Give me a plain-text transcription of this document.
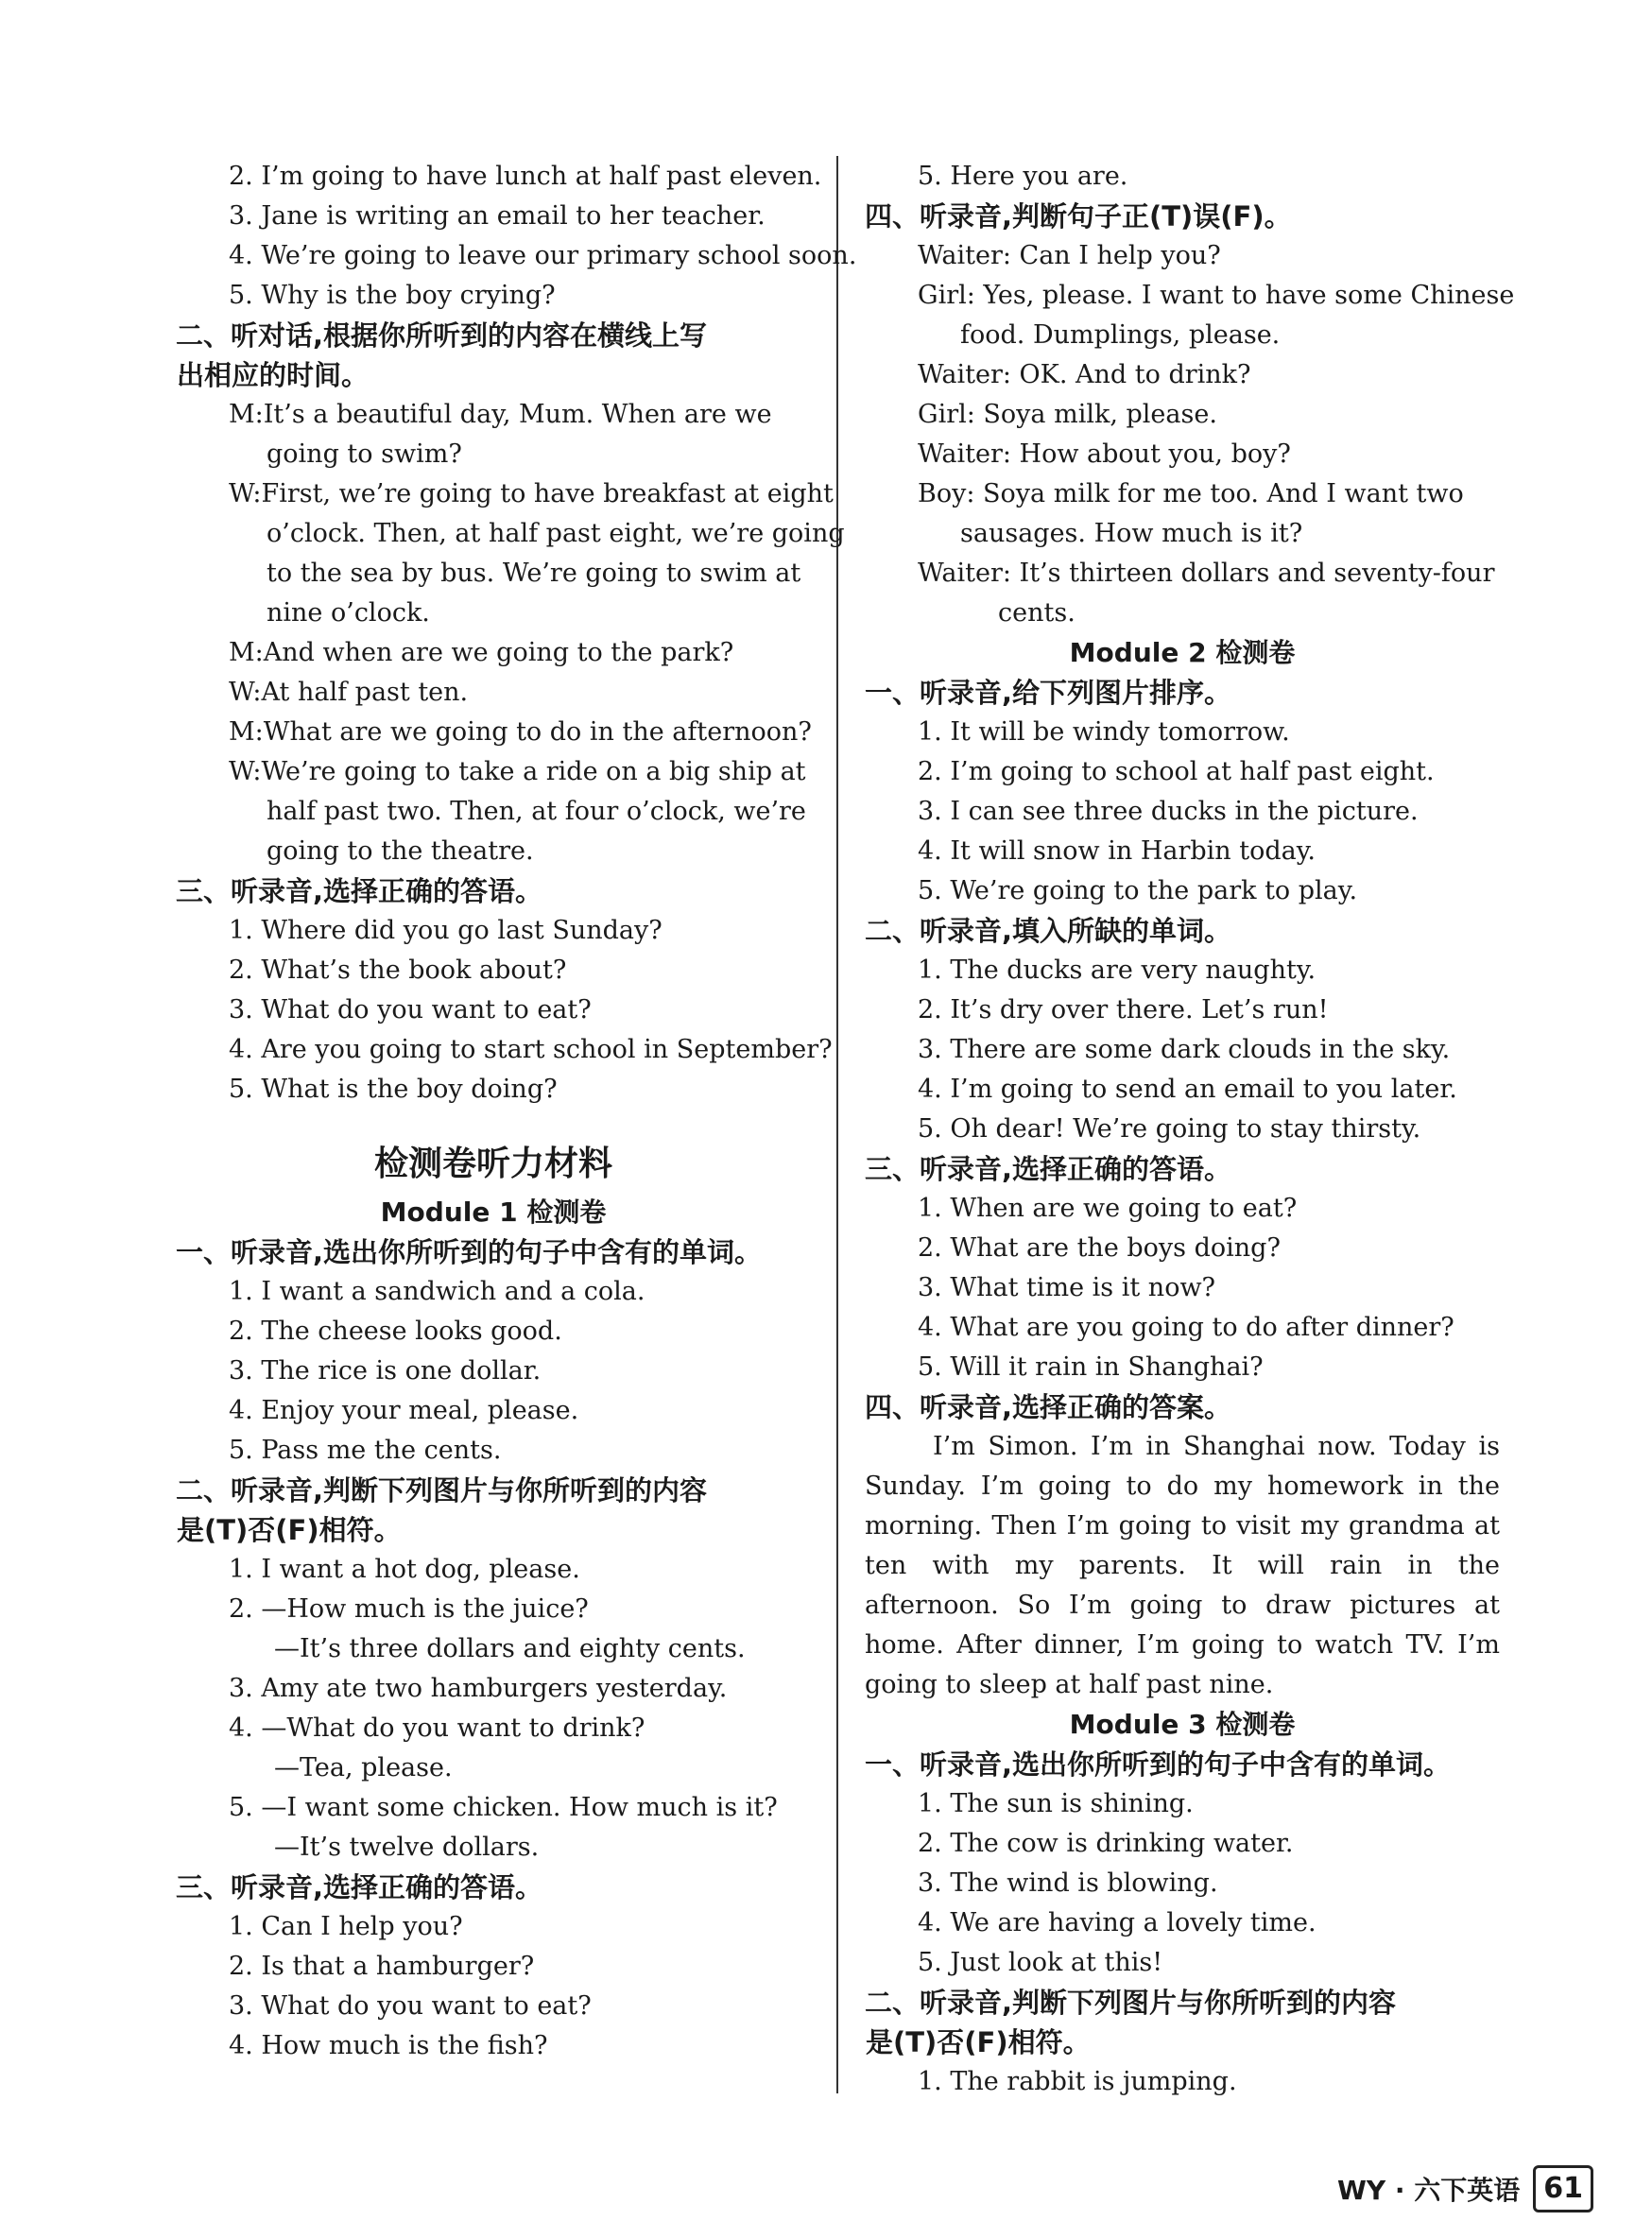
2. I’m going to have lunch at half past eleven.
3. Jane is writing an email to her teacher.
4. We’re going to leave our primary school soon.
5. Why is the boy crying?
二、听对话,根据你所听到的内容在横线上写
出相应的时间。
M:It’s a beautiful day, Mum. When are we
going to swim?
W:First, we’re going to have breakfast at eight
o’clock. Then, at half past eight, we’re going
to the sea by bus. We’re going to swim at
nine o’clock.
M:And when are we going to the park?
W:At half past ten.
M:What are we going to do in the afternoon?
W:We’re going to take a ride on a big ship at
half past two. Then, at four o’clock, we’re
going to the theatre.
三、听录音,选择正确的答语。
1. Where did you go last Sunday?
2. What’s the book about?
3. What do you want to eat?
4. Are you going to start school in September?
5. What is the boy doing?
检测卷听力材料
Module 1 检测卷
一、听录音,选出你所听到的句子中含有的单词。
1. I want a sandwich and a cola.
2. The cheese looks good.
3. The rice is one dollar.
4. Enjoy your meal, please.
5. Pass me the cents.
二、听录音,判断下列图片与你所听到的内容
是(T)否(F)相符。
1. I want a hot dog, please.
2. —How much is the juice?
—It’s three dollars and eighty cents.
3. Amy ate two hamburgers yesterday.
4. —What do you want to drink?
—Tea, please.
5. —I want some chicken. How much is it?
—It’s twelve dollars.
三、听录音,选择正确的答语。
1. Can I help you?
2. Is that a hamburger?
3. What do you want to eat?
4. How much is the fish?
5. Here you are.
四、听录音,判断句子正(T)误(F)。
Waiter: Can I help you?
Girl: Yes, please. I want to have some Chinese
food. Dumplings, please.
Waiter: OK. And to drink?
Girl: Soya milk, please.
Waiter: How about you, boy?
Boy: Soya milk for me too. And I want two
sausages. How much is it?
Waiter: It’s thirteen dollars and seventy-four
cents.
Module 2 检测卷
一、听录音,给下列图片排序。
1. It will be windy tomorrow.
2. I’m going to school at half past eight.
3. I can see three ducks in the picture.
4. It will snow in Harbin today.
5. We’re going to the park to play.
二、听录音,填入所缺的单词。
1. The ducks are very naughty.
2. It’s dry over there. Let’s run!
3. There are some dark clouds in the sky.
4. I’m going to send an email to you later.
5. Oh dear! We’re going to stay thirsty.
三、听录音,选择正确的答语。
1. When are we going to eat?
2. What are the boys doing?
3. What time is it now?
4. What are you going to do after dinner?
5. Will it rain in Shanghai?
四、听录音,选择正确的答案。
I’m Simon. I’m in Shanghai now. Today is Sunday. I’m going to do my homework in the morning. Then I’m going to visit my grandma at ten with my parents. It will rain in the afternoon. So I’m going to draw pictures at home. After dinner, I’m going to watch TV. I’m going to sleep at half past nine.
Module 3 检测卷
一、听录音,选出你所听到的句子中含有的单词。
1. The sun is shining.
2. The cow is drinking water.
3. The wind is blowing.
4. We are having a lovely time.
5. Just look at this!
二、听录音,判断下列图片与你所听到的内容
是(T)否(F)相符。
1. The rabbit is jumping.
WY · 六下英语 61
